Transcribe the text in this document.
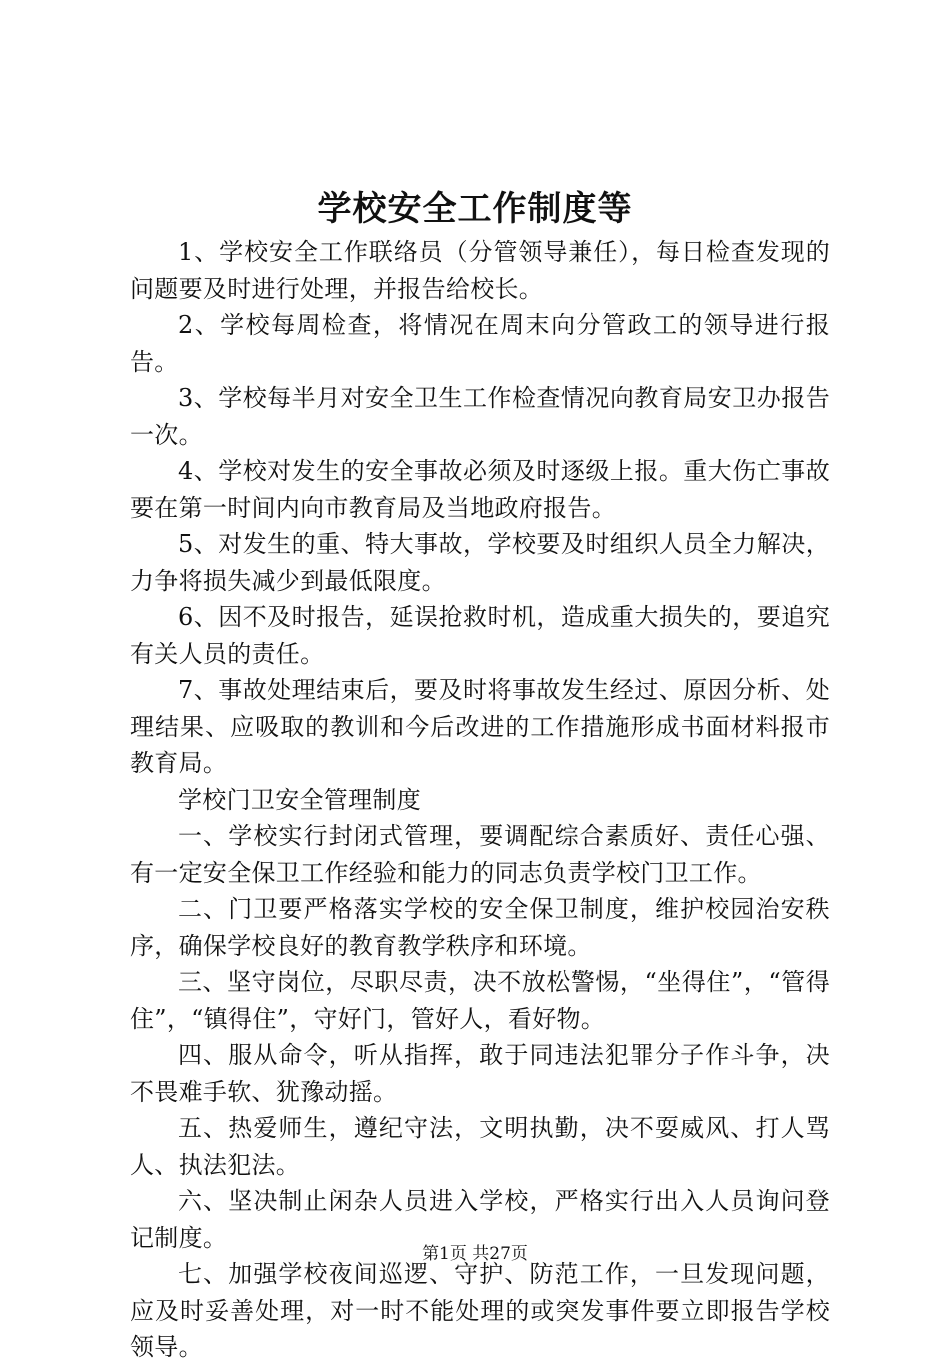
学校安全工作制度等

1、学校安全工作联络员（分管领导兼任），每日检查发现的问题要及时进行处理，并报告给校长。

2、学校每周检查，将情况在周末向分管政工的领导进行报告。

3、学校每半月对安全卫生工作检查情况向教育局安卫办报告一次。

4、学校对发生的安全事故必须及时逐级上报。重大伤亡事故要在第一时间内向市教育局及当地政府报告。

5、对发生的重、特大事故，学校要及时组织人员全力解决，力争将损失减少到最低限度。

6、因不及时报告，延误抢救时机，造成重大损失的，要追究有关人员的责任。

7、事故处理结束后，要及时将事故发生经过、原因分析、处理结果、应吸取的教训和今后改进的工作措施形成书面材料报市教育局。

学校门卫安全管理制度

一、学校实行封闭式管理，要调配综合素质好、责任心强、有一定安全保卫工作经验和能力的同志负责学校门卫工作。

二、门卫要严格落实学校的安全保卫制度，维护校园治安秩序，确保学校良好的教育教学秩序和环境。

三、坚守岗位，尽职尽责，决不放松警惕，“坐得住”，“管得住”，“镇得住”，守好门，管好人，看好物。

四、服从命令，听从指挥，敢于同违法犯罪分子作斗争，决不畏难手软、犹豫动摇。

五、热爱师生，遵纪守法，文明执勤，决不耍威风、打人骂人、执法犯法。

六、坚决制止闲杂人员进入学校，严格实行出入人员询问登记制度。

七、加强学校夜间巡逻、守护、防范工作，一旦发现问题，应及时妥善处理，对一时不能处理的或突发事件要立即报告学校领导。

第1页 共27页
